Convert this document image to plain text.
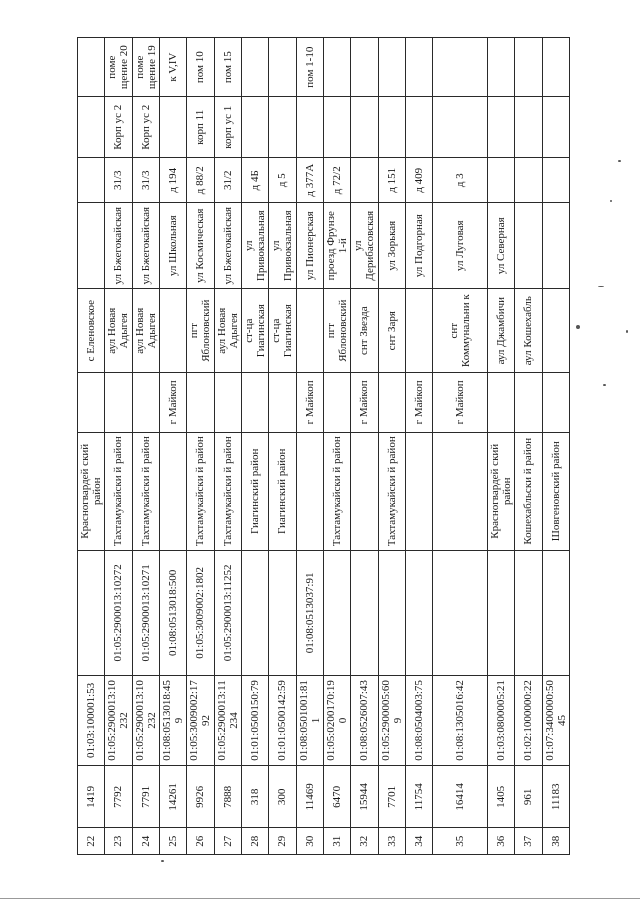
22	1419	01:03:100001:53		Красногвардей ский район		с Еленовское				
23	7792	01:05:2900013:10232	01:05:2900013:10272	Тахтамукайски й район		аул Новая Адыгея	ул Бжегокайская	31/3	Корп ус 2	поме щение 20
24	7791	01:05:2900013:10232	01:05:2900013:10271	Тахтамукайски й район		аул Новая Адыгея	ул Бжегокайская	31/3	Корп ус 2	поме щение 19
25	14261	01:08:0513018:459	01:08:0513018:500		г Майкоп		ул Школьная	д 194		к V,IV
26	9926	01:05:3009002:1792	01:05:3009002:1802	Тахтамукайски й район		пгт Яблоновский	ул Космическая	д 88/2	корп 11	пом 10
27	7888	01:05:2900013:11234	01:05:2900013:11252	Тахтамукайски й район		аул Новая Адыгея	ул Бжегокайская	31/2	корп ус 1	пом 15
28	318	01:01:0500150:79		Гиагинский район		ст-ца Гиагинская	ул Привокзальная	д 4Б		
29	300	01:01:0500142:59		Гиагинский район		ст-ца Гиагинская	ул Привокзальная	д 5		
30	11469	01:08:0501001:811	01:08:0513037:91		г Майкоп		ул Пионерская	д 377А		пом 1-10
31	6470	01:05:0200170:190		Тахтамукайски й район		пгт Яблоновский	проезд Фрунзе 1-й	д 72/2		
32	15944	01:08:0526007:43			г Майкоп	снт Звезда	ул Дерибасовская			
33	7701	01:05:2900005:609		Тахтамукайски й район		снт Заря	ул Зорькая	д 151		
34	11754	01:08:0504003:75			г Майкоп		ул Подгорная	д 409		
35	16414	01:08:1305016:42			г Майкоп	снт Коммунальни к	ул Луговая	д 3		
36	1405	01:03:0800005:21		Красногвардей ский район		аул Джамбичи	ул Северная			
37	961	01:02:1000000:22		Кошехабльски й район		аул Кошехабль				
38	11183	01:07:3400000:5045		Шовгеновский район						
